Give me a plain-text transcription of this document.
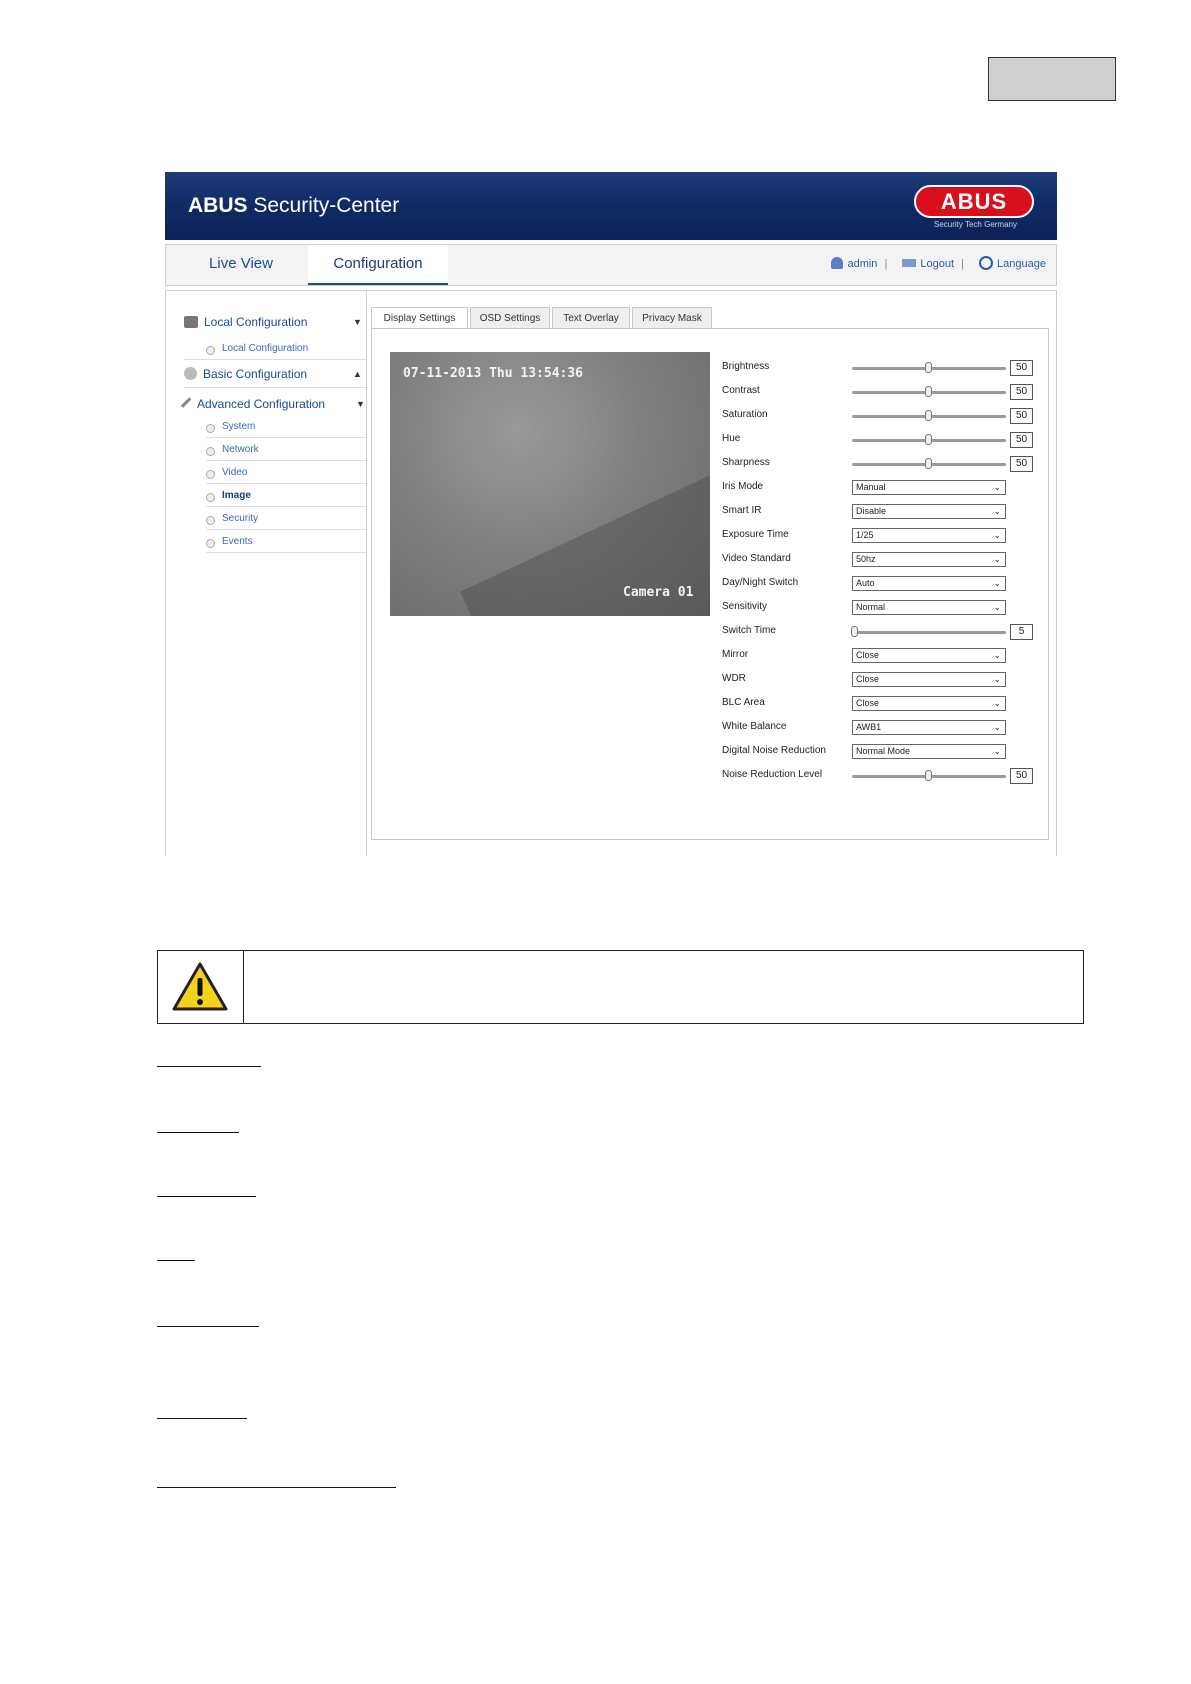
ABUS Security-Center	ABUS
Security Tech Germany
Live View	Configuration	admin |	Logout |	Language
Local Configuration	▼
Local Configuration
Basic Configuration	▲
Advanced Configuration	▼
System
Network
Video
Image
Security
Events
Display Settings	OSD Settings	Text Overlay	Privacy Mask
07-11-2013 Thu 13:54:36
Camera 01
Brightness	50
Contrast	50
Saturation	50
Hue	50
Sharpness	50
Iris Mode	Manual	⌄
Smart IR	Disable	⌄
Exposure Time	1/25	⌄
Video Standard	50hz	⌄
Day/Night Switch	Auto	⌄
Sensitivity	Normal	⌄
Switch Time	5
Mirror	Close	⌄
WDR	Close	⌄
BLC Area	Close	⌄
White Balance	AWB1	⌄
Digital Noise Reduction	Normal Mode	⌄
Noise Reduction Level	50
